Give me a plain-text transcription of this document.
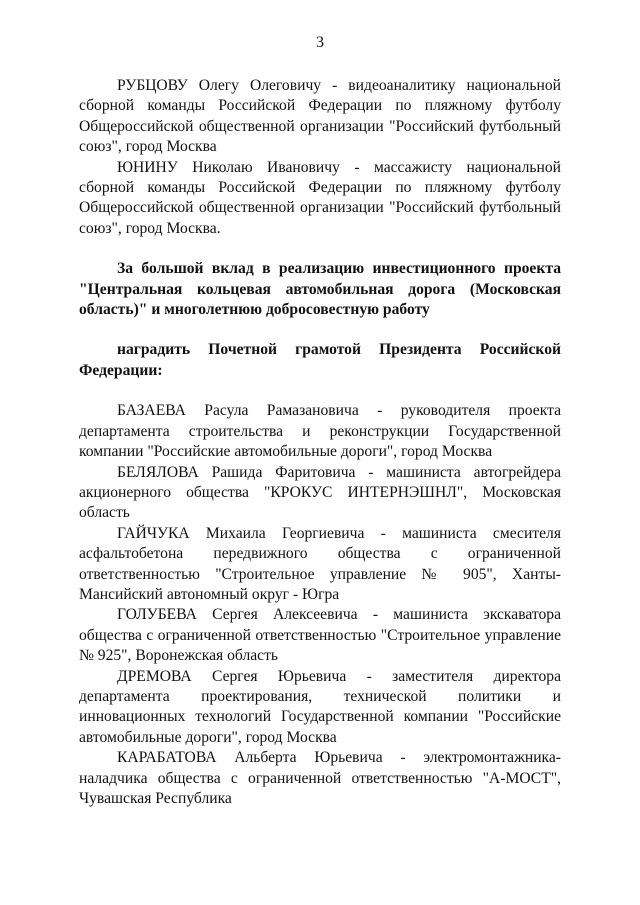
3

РУБЦОВУ Олегу Олеговичу - видеоаналитику национальной сборной команды Российской Федерации по пляжному футболу Общероссийской общественной организации "Российский футбольный союз", город Москва

ЮНИНУ Николаю Ивановичу - массажисту национальной сборной команды Российской Федерации по пляжному футболу Общероссийской общественной организации "Российский футбольный союз", город Москва.

За большой вклад в реализацию инвестиционного проекта "Центральная кольцевая автомобильная дорога (Московская область)" и многолетнюю добросовестную работу

наградить Почетной грамотой Президента Российской Федерации:

БАЗАЕВА Расула Рамазановича - руководителя проекта департамента строительства и реконструкции Государственной компании "Российские автомобильные дороги", город Москва

БЕЛЯЛОВА Рашида Фаритовича - машиниста автогрейдера акционерного общества "КРОКУС ИНТЕРНЭШНЛ", Московская область

ГАЙЧУКА Михаила Георгиевича - машиниста смесителя асфальтобетона передвижного общества с ограниченной ответственностью "Строительное управление № 905", Ханты-Мансийский автономный округ - Югра

ГОЛУБЕВА Сергея Алексеевича - машиниста экскаватора общества с ограниченной ответственностью "Строительное управление № 925", Воронежская область

ДРЕМОВА Сергея Юрьевича - заместителя директора департамента проектирования, технической политики и инновационных технологий Государственной компании "Российские автомобильные дороги", город Москва

КАРАБАТОВА Альберта Юрьевича - электромонтажника-наладчика общества с ограниченной ответственностью "А-МОСТ", Чувашская Республика
